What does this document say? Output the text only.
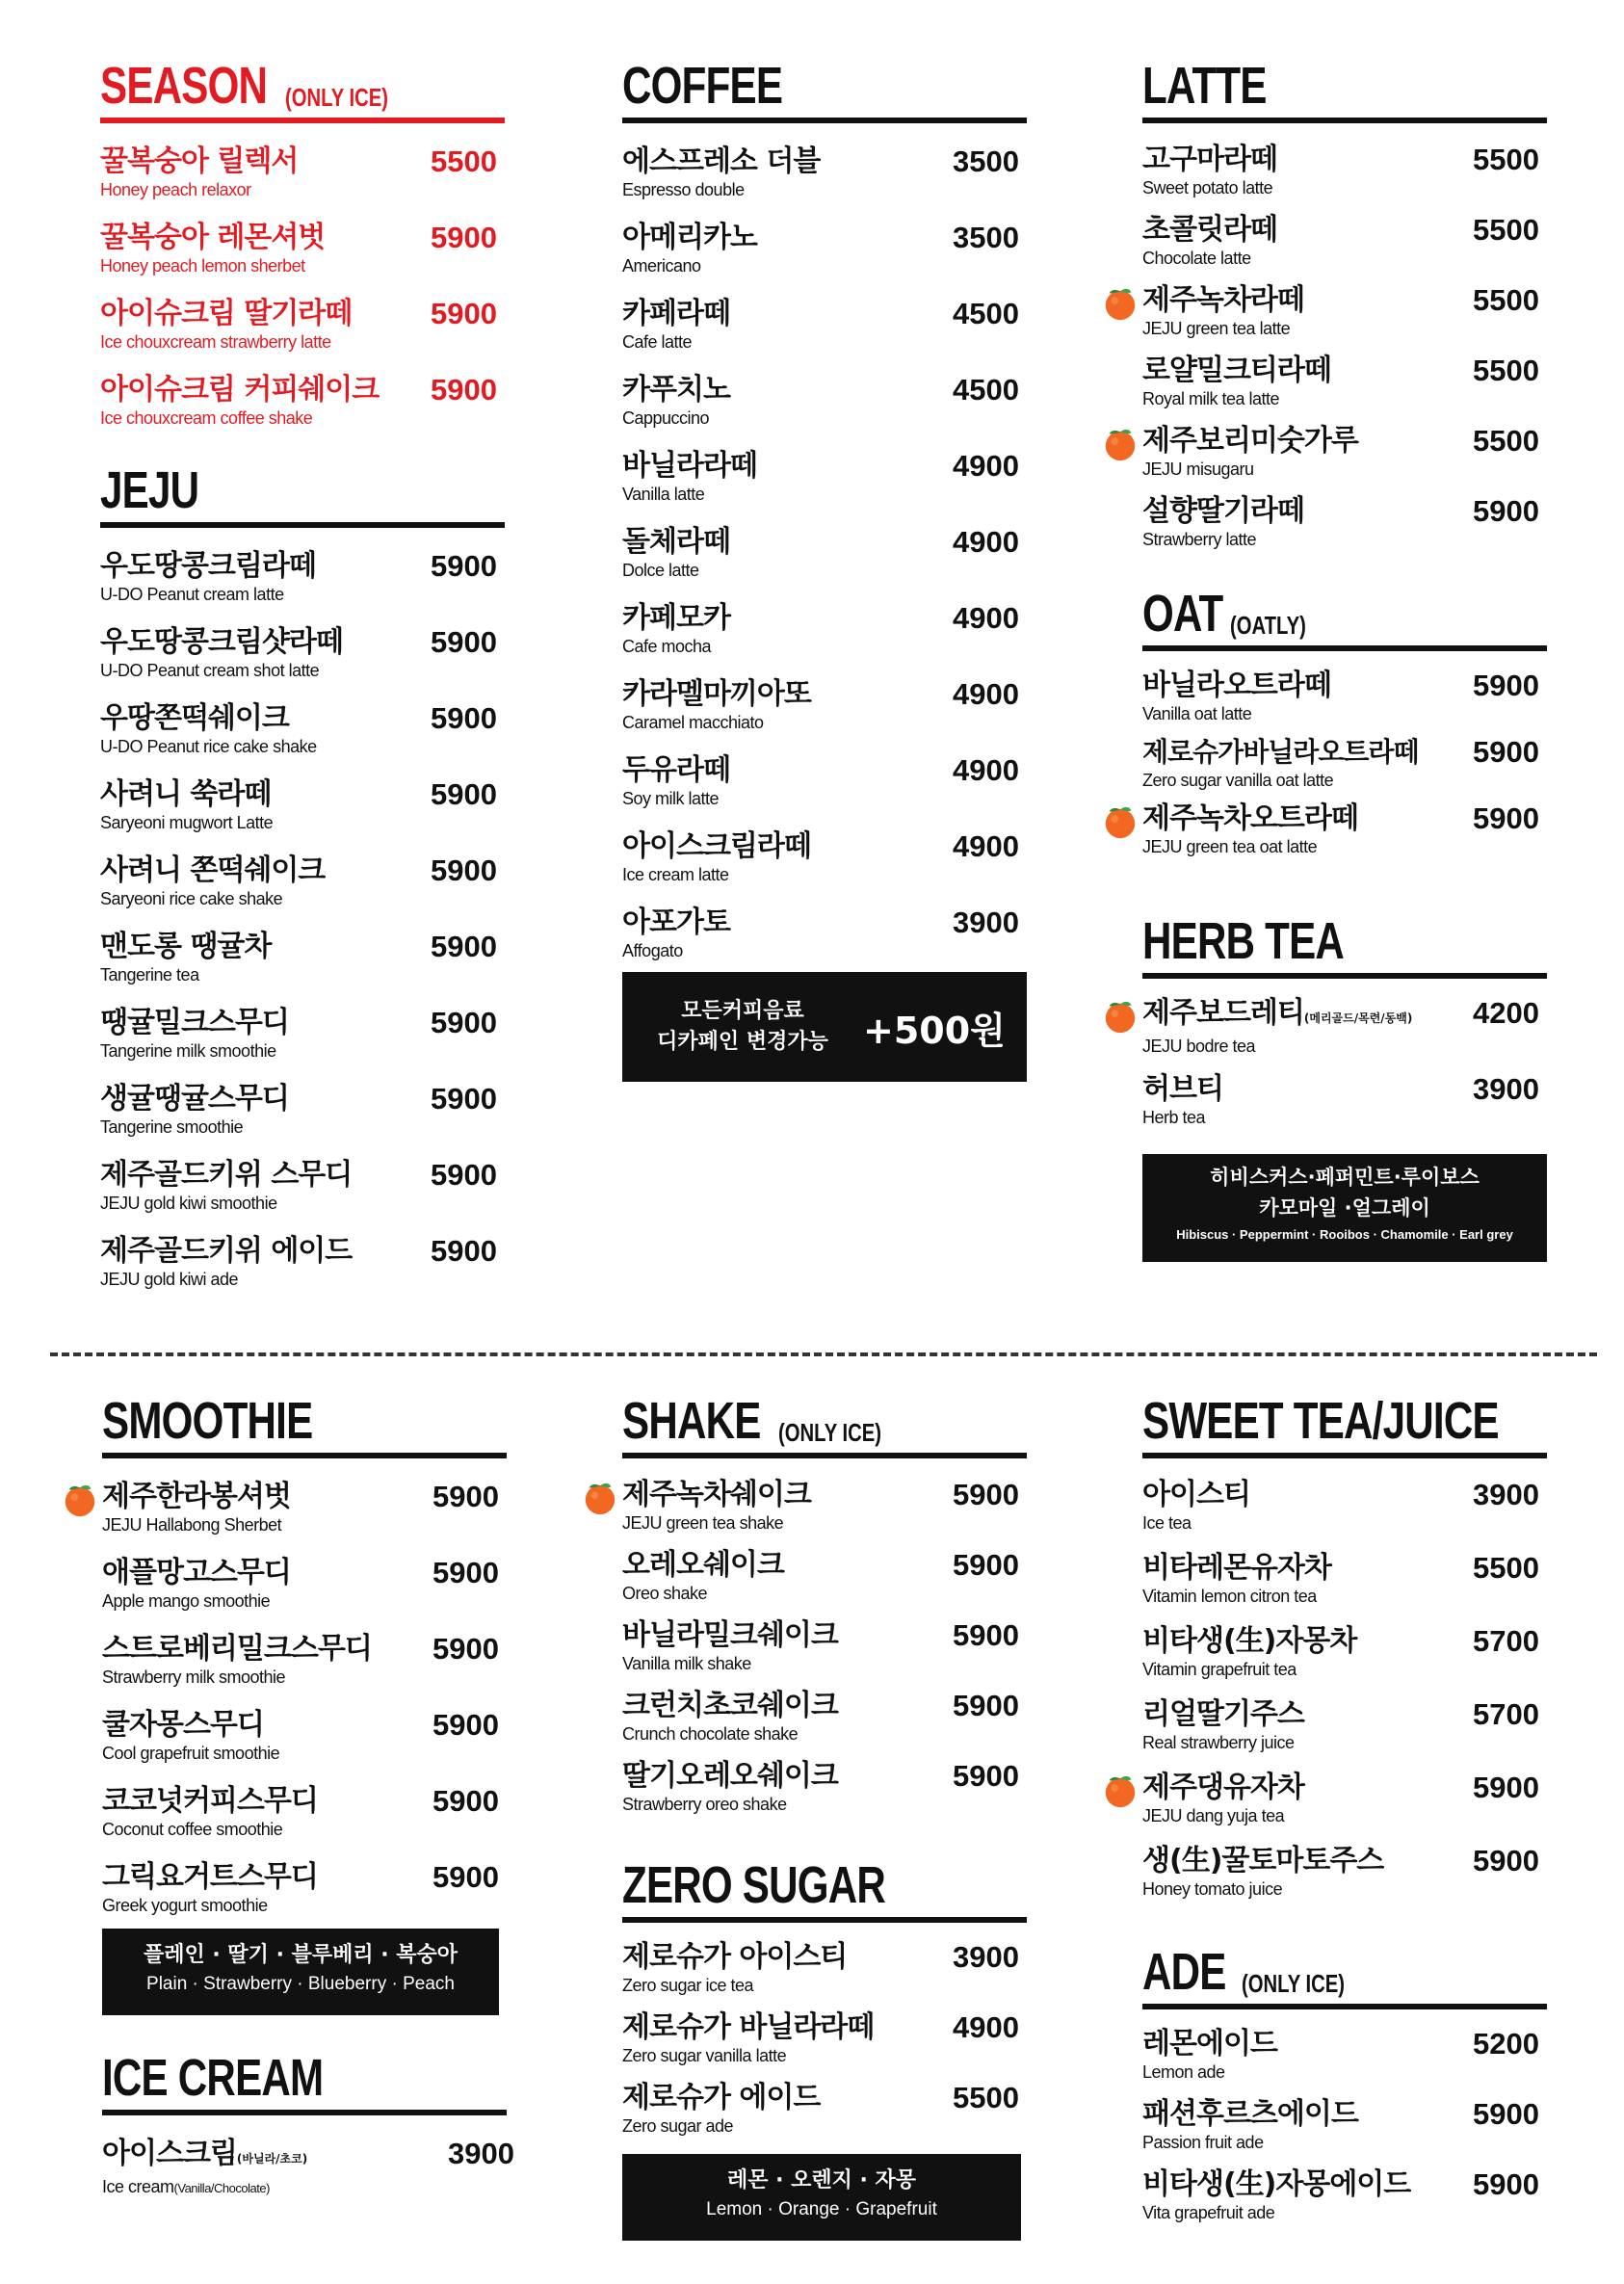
SEASON (ONLY ICE)
꿀복숭아 릴렉서
Honey peach relaxor
5500
꿀복숭아 레몬셔벗
Honey peach lemon sherbet
5900
아이슈크림 딸기라떼
Ice chouxcream strawberry latte
5900
아이슈크림 커피쉐이크
Ice chouxcream coffee shake
5900
JEJU
우도땅콩크림라떼
U-DO Peanut cream latte
5900
우도땅콩크림샷라떼
U-DO Peanut cream shot latte
5900
우땅쫀떡쉐이크
U-DO Peanut rice cake shake
5900
사려니 쑥라떼
Saryeoni mugwort Latte
5900
사려니 쫀떡쉐이크
Saryeoni rice cake shake
5900
맨도롱 땡귤차
Tangerine tea
5900
땡귤밀크스무디
Tangerine milk smoothie
5900
생귤땡귤스무디
Tangerine smoothie
5900
제주골드키위 스무디
JEJU gold kiwi smoothie
5900
제주골드키위 에이드
JEJU gold kiwi ade
5900
COFFEE
에스프레소 더블
Espresso double
3500
아메리카노
Americano
3500
카페라떼
Cafe latte
4500
카푸치노
Cappuccino
4500
바닐라라떼
Vanilla latte
4900
돌체라떼
Dolce latte
4900
카페모카
Cafe mocha
4900
카라멜마끼아또
Caramel macchiato
4900
두유라떼
Soy milk latte
4900
아이스크림라떼
Ice cream latte
4900
아포가토
Affogato
3900
모든커피음료
디카페인 변경가능 +500원
LATTE
고구마라떼
Sweet potato latte
5500
초콜릿라떼
Chocolate latte
5500
제주녹차라떼
JEJU green tea latte
5500
로얄밀크티라떼
Royal milk tea latte
5500
제주보리미숫가루
JEJU misugaru
5500
설향딸기라떼
Strawberry latte
5900
OAT (OATLY)
바닐라오트라떼
Vanilla oat latte
5900
제로슈가바닐라오트라떼
Zero sugar vanilla oat latte
5900
제주녹차오트라떼
JEJU green tea oat latte
5900
HERB TEA
제주보드레티(메리골드/목련/동백)
JEJU bodre tea
4200
허브티
Herb tea
3900
히비스커스·페퍼민트·루이보스
카모마일 ·얼그레이
Hibiscus · Peppermint · Rooibos · Chamomile · Earl grey
SMOOTHIE
제주한라봉셔벗
JEJU Hallabong Sherbet
5900
애플망고스무디
Apple mango smoothie
5900
스트로베리밀크스무디
Strawberry milk smoothie
5900
쿨자몽스무디
Cool grapefruit smoothie
5900
코코넛커피스무디
Coconut coffee smoothie
5900
그릭요거트스무디
Greek yogurt smoothie
5900
플레인 · 딸기 · 블루베리 · 복숭아
Plain · Strawberry · Blueberry · Peach
ICE CREAM
아이스크림(바닐라/초코)
Ice cream(Vanilla/Chocolate)
3900
SHAKE (ONLY ICE)
제주녹차쉐이크
JEJU green tea shake
5900
오레오쉐이크
Oreo shake
5900
바닐라밀크쉐이크
Vanilla milk shake
5900
크런치초코쉐이크
Crunch chocolate shake
5900
딸기오레오쉐이크
Strawberry oreo shake
5900
ZERO SUGAR
제로슈가 아이스티
Zero sugar ice tea
3900
제로슈가 바닐라라떼
Zero sugar vanilla latte
4900
제로슈가 에이드
Zero sugar ade
5500
레몬 · 오렌지 · 자몽
Lemon · Orange · Grapefruit
SWEET TEA/JUICE
아이스티
Ice tea
3900
비타레몬유자차
Vitamin lemon citron tea
5500
비타생(生)자몽차
Vitamin grapefruit tea
5700
리얼딸기주스
Real strawberry juice
5700
제주댕유자차
JEJU dang yuja tea
5900
생(生)꿀토마토주스
Honey tomato juice
5900
ADE (ONLY ICE)
레몬에이드
Lemon ade
5200
패션후르츠에이드
Passion fruit ade
5900
비타생(生)자몽에이드
Vita grapefruit ade
5900
